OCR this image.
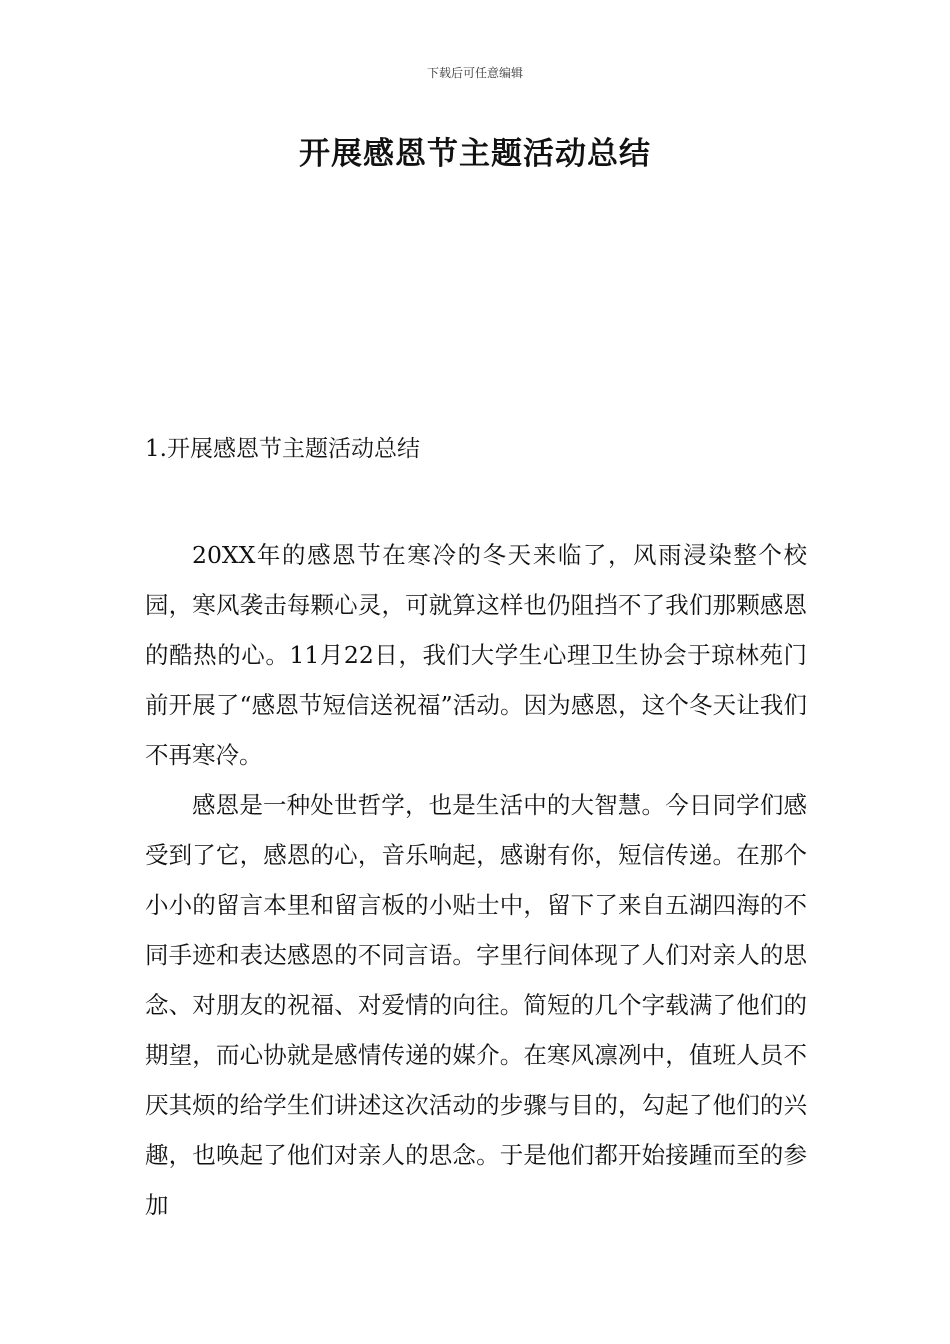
下载后可任意编辑
开展感恩节主题活动总结
1.开展感恩节主题活动总结

20XX年的感恩节在寒冷的冬天来临了，风雨浸染整个校园，寒风袭击每颗心灵，可就算这样也仍阻挡不了我们那颗感恩的酷热的心。11月22日，我们大学生心理卫生协会于琼林苑门前开展了“感恩节短信送祝福”活动。因为感恩，这个冬天让我们不再寒冷。

感恩是一种处世哲学，也是生活中的大智慧。今日同学们感受到了它，感恩的心，音乐响起，感谢有你，短信传递。在那个小小的留言本里和留言板的小贴士中，留下了来自五湖四海的不同手迹和表达感恩的不同言语。字里行间体现了人们对亲人的思念、对朋友的祝福、对爱情的向往。简短的几个字载满了他们的期望，而心协就是感情传递的媒介。在寒风凛冽中，值班人员不厌其烦的给学生们讲述这次活动的步骤与目的，勾起了他们的兴趣，也唤起了他们对亲人的思念。于是他们都开始接踵而至的参加
